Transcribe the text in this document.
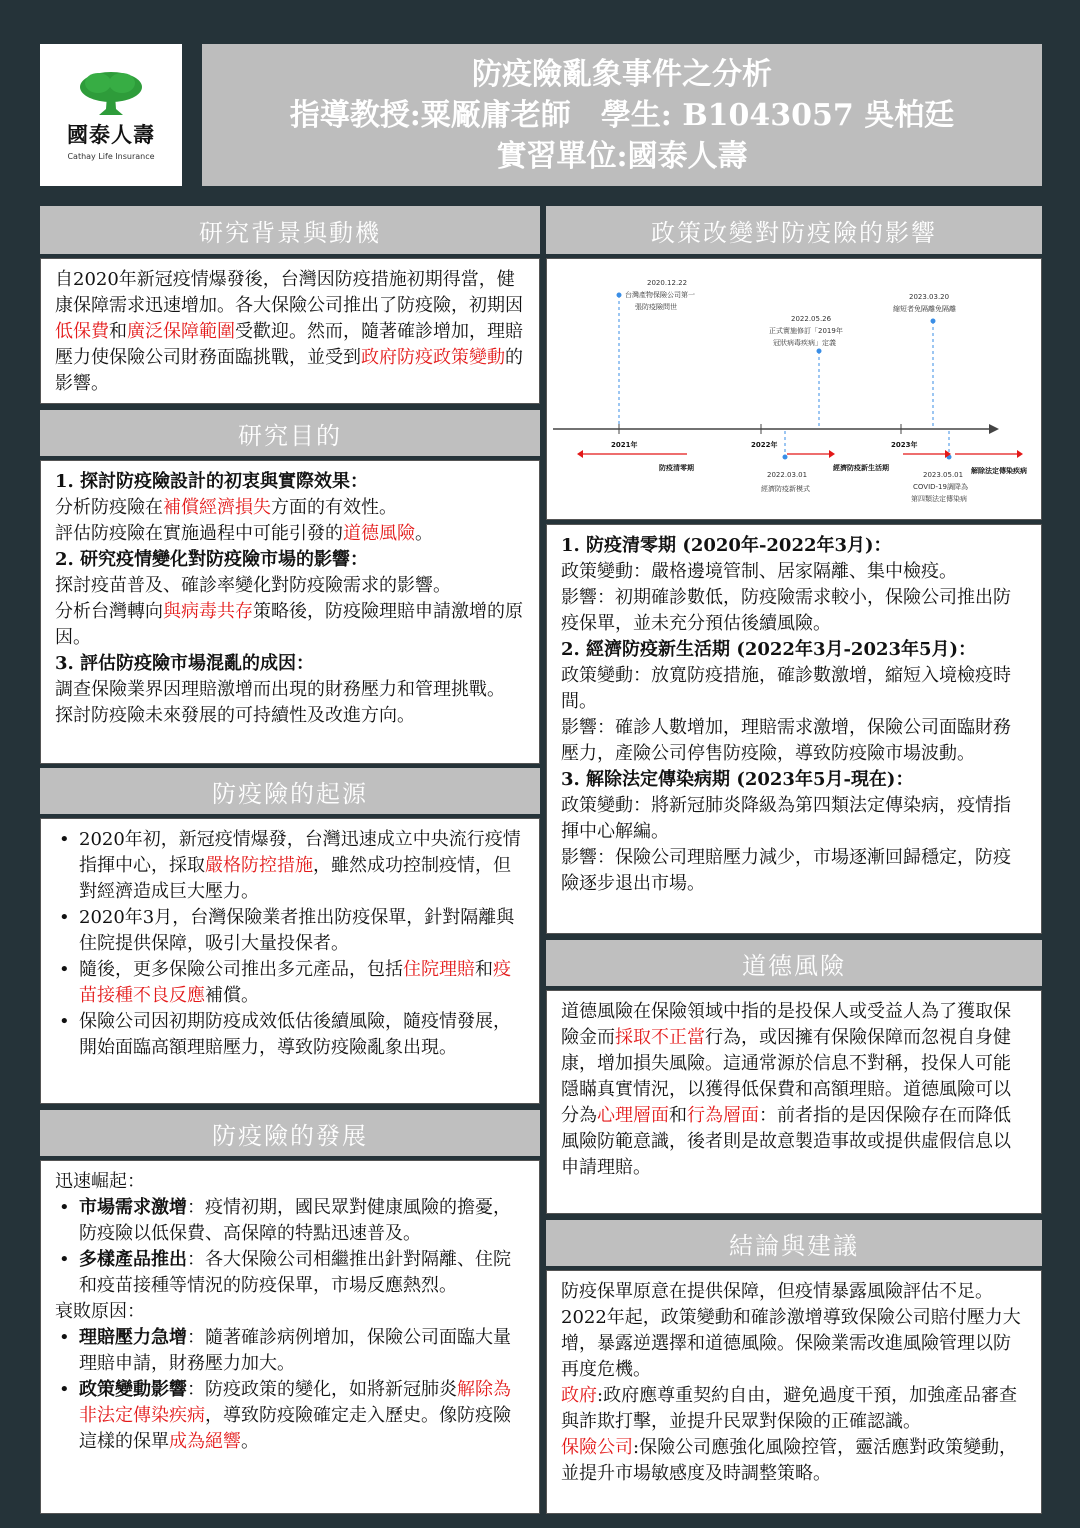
國泰人壽
Cathay Life Insurance
防疫險亂象事件之分析
指導教授:粟厰庸老師　學生: B1043057 吳柏廷
實習單位:國泰人壽
研究背景與動機

自2020年新冠疫情爆發後，台灣因防疫措施初期得當，健康保障需求迅速增加。各大保險公司推出了防疫險，初期因低保費和廣泛保障範圍受歡迎。然而，隨著確診增加，理賠壓力使保險公司財務面臨挑戰，並受到政府防疫政策變動的影響。

研究目的

1. 探討防疫險設計的初衷與實際效果：

分析防疫險在補償經濟損失方面的有效性。

評估防疫險在實施過程中可能引發的道德風險。

2. 研究疫情變化對防疫險市場的影響：

探討疫苗普及、確診率變化對防疫險需求的影響。

分析台灣轉向與病毒共存策略後，防疫險理賠申請激增的原因。

3. 評估防疫險市場混亂的成因：

調查保險業界因理賠激增而出現的財務壓力和管理挑戰。

探討防疫險未來發展的可持續性及改進方向。

防疫險的起源
• 2020年初，新冠疫情爆發，台灣迅速成立中央流行疫情指揮中心，採取嚴格防控措施，雖然成功控制疫情，但對經濟造成巨大壓力。
• 2020年3月，台灣保險業者推出防疫保單，針對隔離與住院提供保障，吸引大量投保者。
• 隨後，更多保險公司推出多元產品，包括住院理賠和疫苗接種不良反應補償。
• 保險公司因初期防疫成效低估後續風險，隨疫情發展，開始面臨高額理賠壓力，導致防疫險亂象出現。
防疫險的發展

迅速崛起：

• 市場需求激增：疫情初期，國民眾對健康風險的擔憂，防疫險以低保費、高保障的特點迅速普及。
• 多樣產品推出：各大保險公司相繼推出針對隔離、住院和疫苗接種等情況的防疫保單，市場反應熱烈。

衰敗原因：

• 理賠壓力急增：隨著確診病例增加，保險公司面臨大量理賠申請，財務壓力加大。
• 政策變動影響：防疫政策的變化，如將新冠肺炎解除為非法定傳染疾病，導致防疫險確定走入歷史。像防疫險這樣的保單成為絕響。
政策改變對防疫險的影響
2021年	2022年	2023年
2020.12.22
台灣產物保險公司第一
張防疫險問世
2022.05.26
正式實施修訂「2019年
冠狀病毒疾病」定義
2023.03.20
縮短者免隔離免隔離
防疫清零期	經濟防疫新生活期	解除法定傳染疾病
2022.03.01
經濟防疫新模式
2023.05.01
COVID-19調降為
第四類法定傳染病

1. 防疫清零期 (2020年-2022年3月)：

政策變動：嚴格邊境管制、居家隔離、集中檢疫。

影響：初期確診數低，防疫險需求較小，保險公司推出防疫保單，並未充分預估後續風險。

2. 經濟防疫新生活期 (2022年3月-2023年5月)：

政策變動：放寬防疫措施，確診數激增，縮短入境檢疫時間。

影響：確診人數增加，理賠需求激增，保險公司面臨財務壓力，產險公司停售防疫險，導致防疫險市場波動。

3. 解除法定傳染病期 (2023年5月-現在)：

政策變動：將新冠肺炎降級為第四類法定傳染病，疫情指揮中心解編。

影響：保險公司理賠壓力減少，市場逐漸回歸穩定，防疫險逐步退出市場。

道德風險

道德風險在保險領域中指的是投保人或受益人為了獲取保險金而採取不正當行為，或因擁有保險保障而忽視自身健康，增加損失風險。這通常源於信息不對稱，投保人可能隱瞞真實情況，以獲得低保費和高額理賠。道德風險可以分為心理層面和行為層面：前者指的是因保險存在而降低風險防範意識，後者則是故意製造事故或提供虛假信息以申請理賠。

結論與建議

防疫保單原意在提供保障，但疫情暴露風險評估不足。2022年起，政策變動和確診激增導致保險公司賠付壓力大增，暴露逆選擇和道德風險。保險業需改進風險管理以防再度危機。

政府:政府應尊重契約自由，避免過度干預，加強產品審查與詐欺打擊，並提升民眾對保險的正確認識。

保險公司:保險公司應強化風險控管，靈活應對政策變動，並提升市場敏感度及時調整策略。
